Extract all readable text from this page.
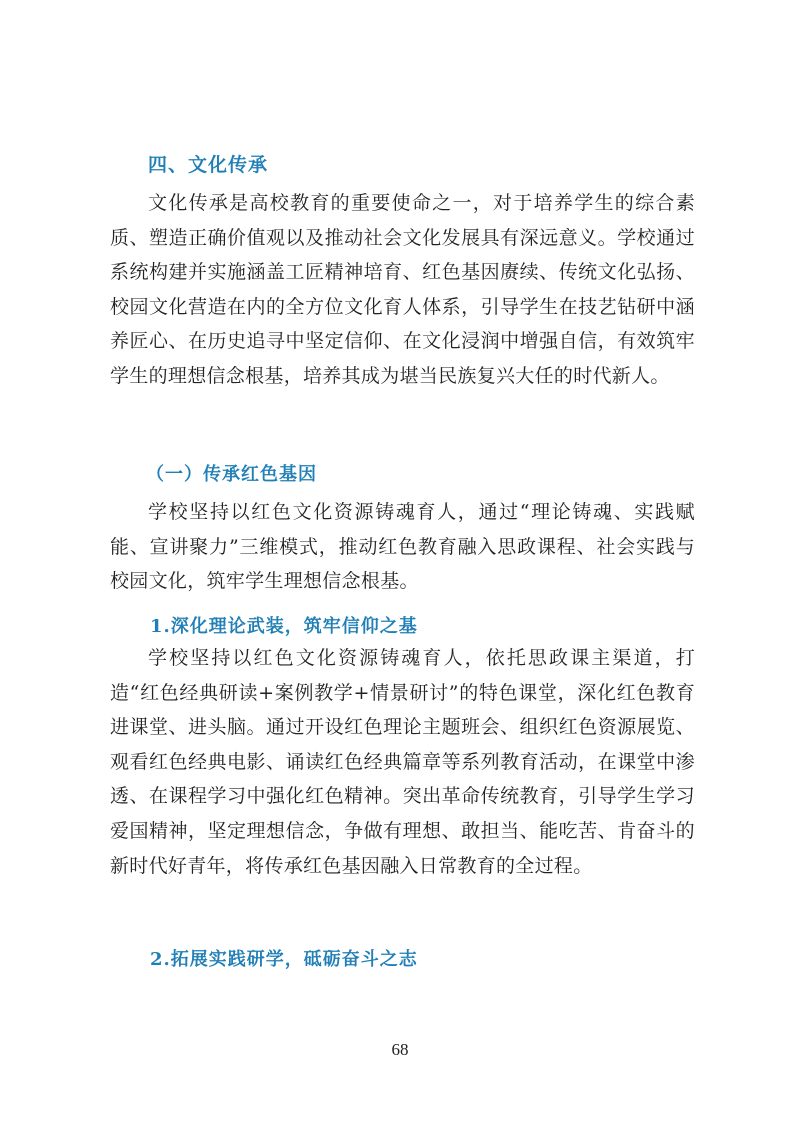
四、文化传承

文化传承是高校教育的重要使命之一，对于培养学生的综合素质、塑造正确价值观以及推动社会文化发展具有深远意义。学校通过系统构建并实施涵盖工匠精神培育、红色基因赓续、传统文化弘扬、校园文化营造在内的全方位文化育人体系，引导学生在技艺钻研中涵养匠心、在历史追寻中坚定信仰、在文化浸润中增强自信，有效筑牢学生的理想信念根基，培养其成为堪当民族复兴大任的时代新人。

（一）传承红色基因

学校坚持以红色文化资源铸魂育人，通过“理论铸魂、实践赋能、宣讲聚力”三维模式，推动红色教育融入思政课程、社会实践与校园文化，筑牢学生理想信念根基。

1.深化理论武装，筑牢信仰之基

学校坚持以红色文化资源铸魂育人，依托思政课主渠道，打造“红色经典研读+案例教学+情景研讨”的特色课堂，深化红色教育进课堂、进头脑。通过开设红色理论主题班会、组织红色资源展览、观看红色经典电影、诵读红色经典篇章等系列教育活动，在课堂中渗透、在课程学习中强化红色精神。突出革命传统教育，引导学生学习爱国精神，坚定理想信念，争做有理想、敢担当、能吃苦、肯奋斗的新时代好青年，将传承红色基因融入日常教育的全过程。

2.拓展实践研学，砥砺奋斗之志
68
